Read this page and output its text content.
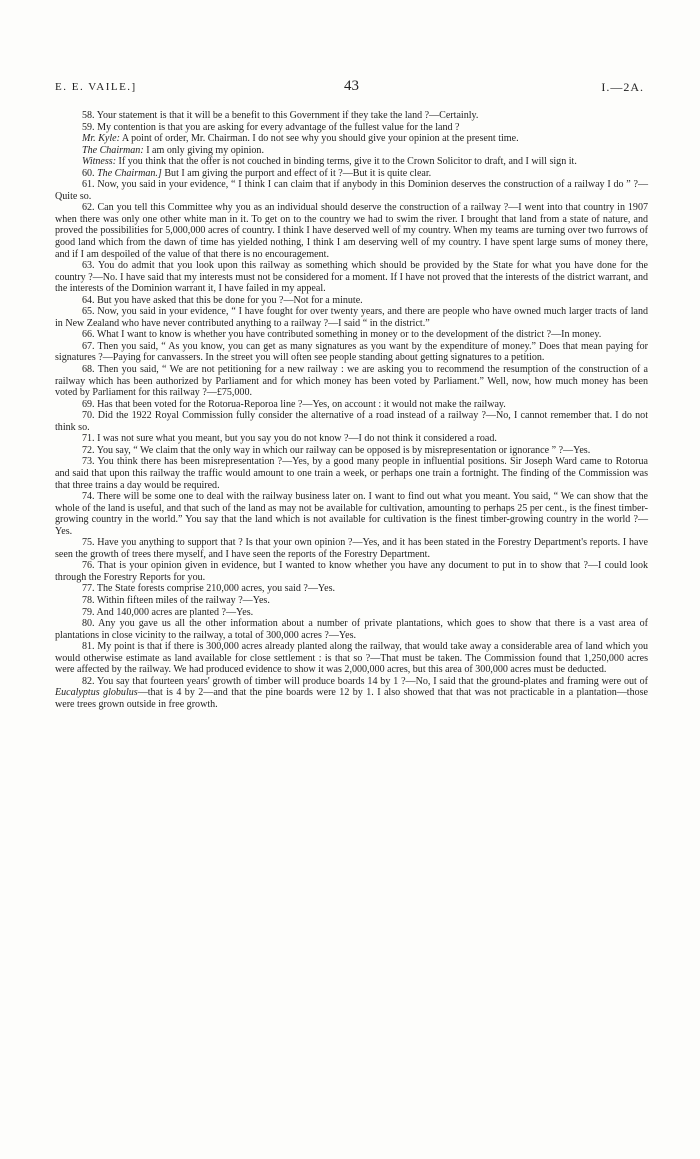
E. E. VAILE.]	43	I.—2A.

58. Your statement is that it will be a benefit to this Government if they take the land ?—Certainly.

59. My contention is that you are asking for every advantage of the fullest value for the land ?

Mr. Kyle: A point of order, Mr. Chairman. I do not see why you should give your opinion at the present time.

The Chairman: I am only giving my opinion.

Witness: If you think that the offer is not couched in binding terms, give it to the Crown Solicitor to draft, and I will sign it.

60. The Chairman.] But I am giving the purport and effect of it ?—But it is quite clear.

61. Now, you said in your evidence, “ I think I can claim that if anybody in this Dominion deserves the construction of a railway I do ” ?—Quite so.

62. Can you tell this Committee why you as an individual should deserve the construction of a railway ?—I went into that country in 1907 when there was only one other white man in it. To get on to the country we had to swim the river. I brought that land from a state of nature, and proved the possibilities for 5,000,000 acres of country. I think I have deserved well of my country. When my teams are turning over two furrows of good land which from the dawn of time has yielded nothing, I think I am deserving well of my country. I have spent large sums of money there, and if I am despoiled of the value of that there is no encouragement.

63. You do admit that you look upon this railway as something which should be provided by the State for what you have done for the country ?—No. I have said that my interests must not be considered for a moment. If I have not proved that the interests of the district warrant, and the interests of the Dominion warrant it, I have failed in my appeal.

64. But you have asked that this be done for you ?—Not for a minute.

65. Now, you said in your evidence, “ I have fought for over twenty years, and there are people who have owned much larger tracts of land in New Zealand who have never contributed anything to a railway ?—I said “ in the district.”

66. What I want to know is whether you have contributed something in money or to the development of the district ?—In money.

67. Then you said, “ As you know, you can get as many signatures as you want by the expenditure of money.” Does that mean paying for signatures ?—Paying for canvassers. In the street you will often see people standing about getting signatures to a petition.

68. Then you said, “ We are not petitioning for a new railway : we are asking you to recommend the resumption of the construction of a railway which has been authorized by Parliament and for which money has been voted by Parliament.” Well, now, how much money has been voted by Parliament for this railway ?—£75,000.

69. Has that been voted for the Rotorua-Reporoa line ?—Yes, on account : it would not make the railway.

70. Did the 1922 Royal Commission fully consider the alternative of a road instead of a railway ?—No, I cannot remember that. I do not think so.

71. I was not sure what you meant, but you say you do not know ?—I do not think it considered a road.

72. You say, “ We claim that the only way in which our railway can be opposed is by misrepresentation or ignorance ” ?—Yes.

73. You think there has been misrepresentation ?—Yes, by a good many people in influential positions. Sir Joseph Ward came to Rotorua and said that upon this railway the traffic would amount to one train a week, or perhaps one train a fortnight. The finding of the Commission was that three trains a day would be required.

74. There will be some one to deal with the railway business later on. I want to find out what you meant. You said, “ We can show that the whole of the land is useful, and that such of the land as may not be available for cultivation, amounting to perhaps 25 per cent., is the finest timber-growing country in the world.” You say that the land which is not available for cultivation is the finest timber-growing country in the world ?—Yes.

75. Have you anything to support that ? Is that your own opinion ?—Yes, and it has been stated in the Forestry Department's reports. I have seen the growth of trees there myself, and I have seen the reports of the Forestry Department.

76. That is your opinion given in evidence, but I wanted to know whether you have any document to put in to show that ?—I could look through the Forestry Reports for you.

77. The State forests comprise 210,000 acres, you said ?—Yes.

78. Within fifteen miles of the railway ?—Yes.

79. And 140,000 acres are planted ?—Yes.

80. Any you gave us all the other information about a number of private plantations, which goes to show that there is a vast area of plantations in close vicinity to the railway, a total of 300,000 acres ?—Yes.

81. My point is that if there is 300,000 acres already planted along the railway, that would take away a considerable area of land which you would otherwise estimate as land available for close settlement : is that so ?—That must be taken. The Commission found that 1,250,000 acres were affected by the railway. We had produced evidence to show it was 2,000,000 acres, but this area of 300,000 acres must be deducted.

82. You say that fourteen years' growth of timber will produce boards 14 by 1 ?—No, I said that the ground-plates and framing were out of Eucalyptus globulus—that is 4 by 2—and that the pine boards were 12 by 1. I also showed that that was not practicable in a plantation—those were trees grown outside in free growth.
